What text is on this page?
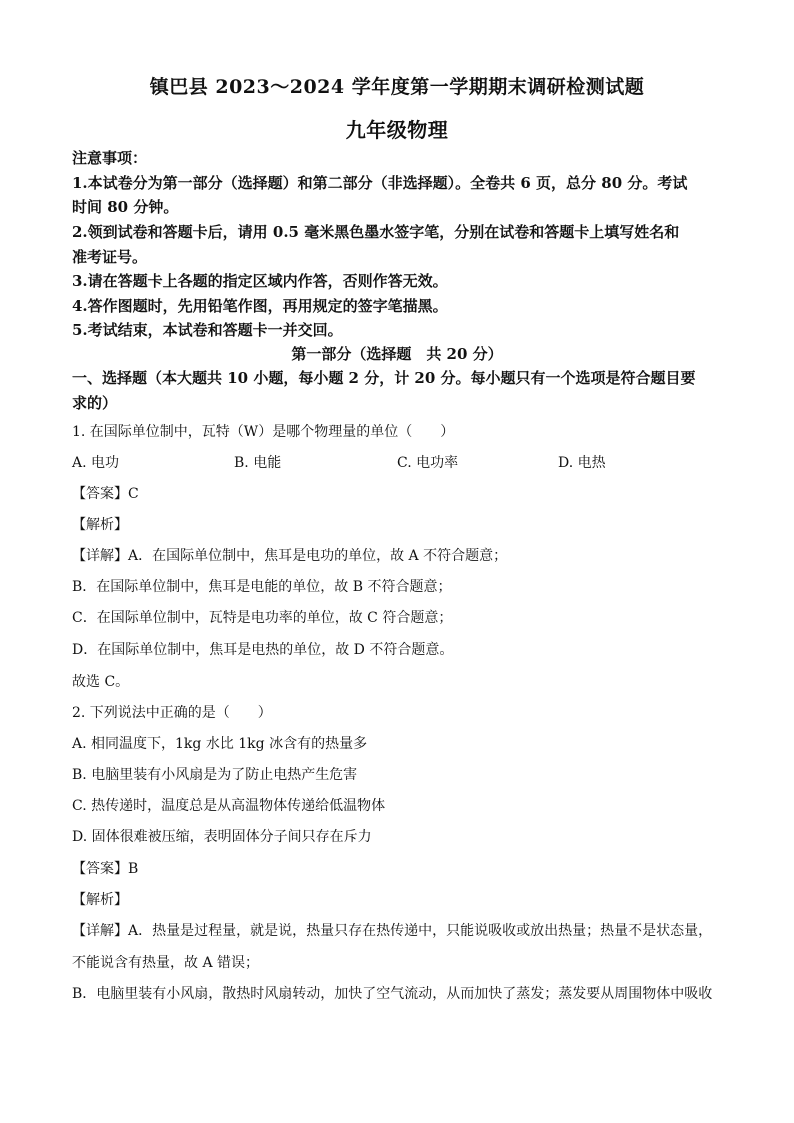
镇巴县 2023～2024 学年度第一学期期末调研检测试题
九年级物理
注意事项：
1.本试卷分为第一部分（选择题）和第二部分（非选择题）。全卷共 6 页，总分 80 分。考试
时间 80 分钟。
2.领到试卷和答题卡后，请用 0.5 毫米黑色墨水签字笔，分别在试卷和答题卡上填写姓名和
准考证号。
3.请在答题卡上各题的指定区域内作答，否则作答无效。
4.答作图题时，先用铅笔作图，再用规定的签字笔描黑。
5.考试结束，本试卷和答题卡一并交回。
第一部分（选择题　共 20 分）
一、选择题（本大题共 10 小题，每小题 2 分，计 20 分。每小题只有一个选项是符合题目要
求的）
1. 在国际单位制中，瓦特（W）是哪个物理量的单位（　　）
A. 电功	B. 电能	C. 电功率	D. 电热
【答案】C
【解析】
【详解】A．在国际单位制中，焦耳是电功的单位，故 A 不符合题意；
B．在国际单位制中，焦耳是电能的单位，故 B 不符合题意；
C．在国际单位制中，瓦特是电功率的单位，故 C 符合题意；
D．在国际单位制中，焦耳是电热的单位，故 D 不符合题意。
故选 C。
2. 下列说法中正确的是（　　）
A. 相同温度下，1kg 水比 1kg 冰含有的热量多
B. 电脑里装有小风扇是为了防止电热产生危害
C. 热传递时，温度总是从高温物体传递给低温物体
D. 固体很难被压缩，表明固体分子间只存在斥力
【答案】B
【解析】
【详解】A．热量是过程量，就是说，热量只存在热传递中，只能说吸收或放出热量；热量不是状态量，
不能说含有热量，故 A 错误；
B．电脑里装有小风扇，散热时风扇转动，加快了空气流动，从而加快了蒸发；蒸发要从周围物体中吸收
